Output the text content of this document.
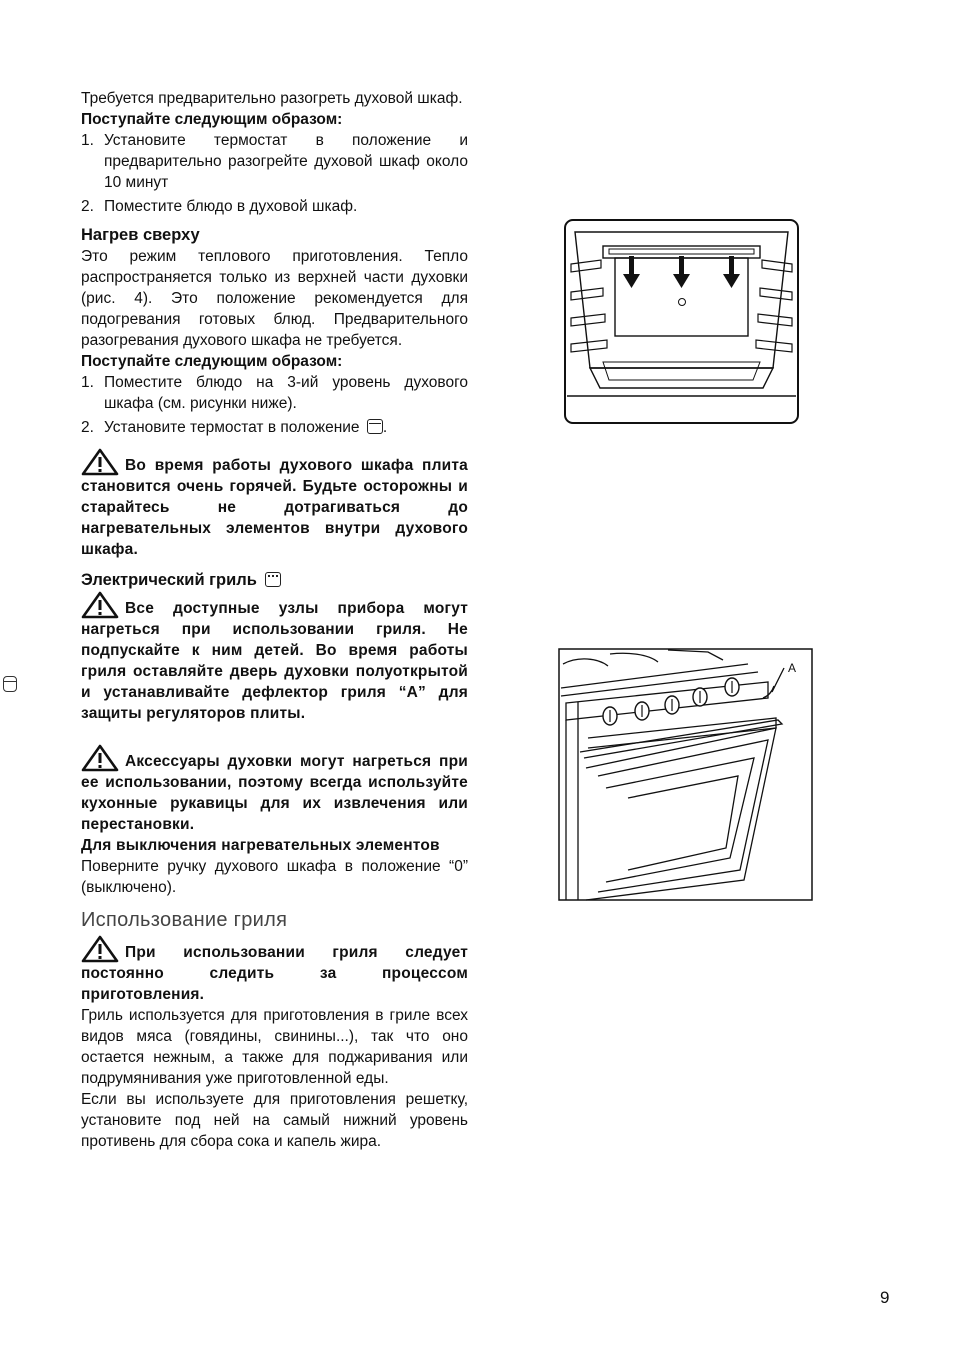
Требуется предварительно разогреть духовой шкаф.

Поступайте следующим образом:

1. Установите термостат в положение и предварительно разогрейте духовой шкаф около 10 минут
2. Поместите блюдо в духовой шкаф.

Нагрев сверху

Это режим теплового приготовления. Тепло распространяется только из верхней части духовки (рис. 4). Это положение рекомендуется для подогревания готовых блюд. Предварительного разогревания духового шкафа не требуется.

Поступайте следующим образом:

1. Поместите блюдо на 3-ий уровень духового шкафа (см. рисунки ниже).
2. Установите термостат в положение .

Во время работы духового шкафа плита становится очень горячей. Будьте осторожны и старайтесь не дотрагиваться до нагревательных элементов внутри духового шкафа.

Электрический гриль

Все доступные узлы прибора могут нагреться при использовании гриля. Не подпускайте к ним детей. Во время работы гриля оставляйте дверь духовки полуоткрытой и устанавливайте дефлектор гриля “А” для защиты регуляторов плиты.

Аксессуары духовки могут нагреться при ее использовании, поэтому всегда используйте кухонные рукавицы для их извлечения или перестановки.

Для выключения нагревательных элементов

Поверните ручку духового шкафа в положение “0” (выключено).

Использование гриля

При использовании гриля следует постоянно следить за процессом приготовления.

Гриль используется для приготовления в гриле всех видов мяса (говядины, свинины...), так что оно остается нежным, а также для поджаривания или подрумянивания уже приготовленной еды.

Если вы используете для приготовления решетку, установите под ней на самый нижний уровень противень для сбора сока и капель жира.

A
9
